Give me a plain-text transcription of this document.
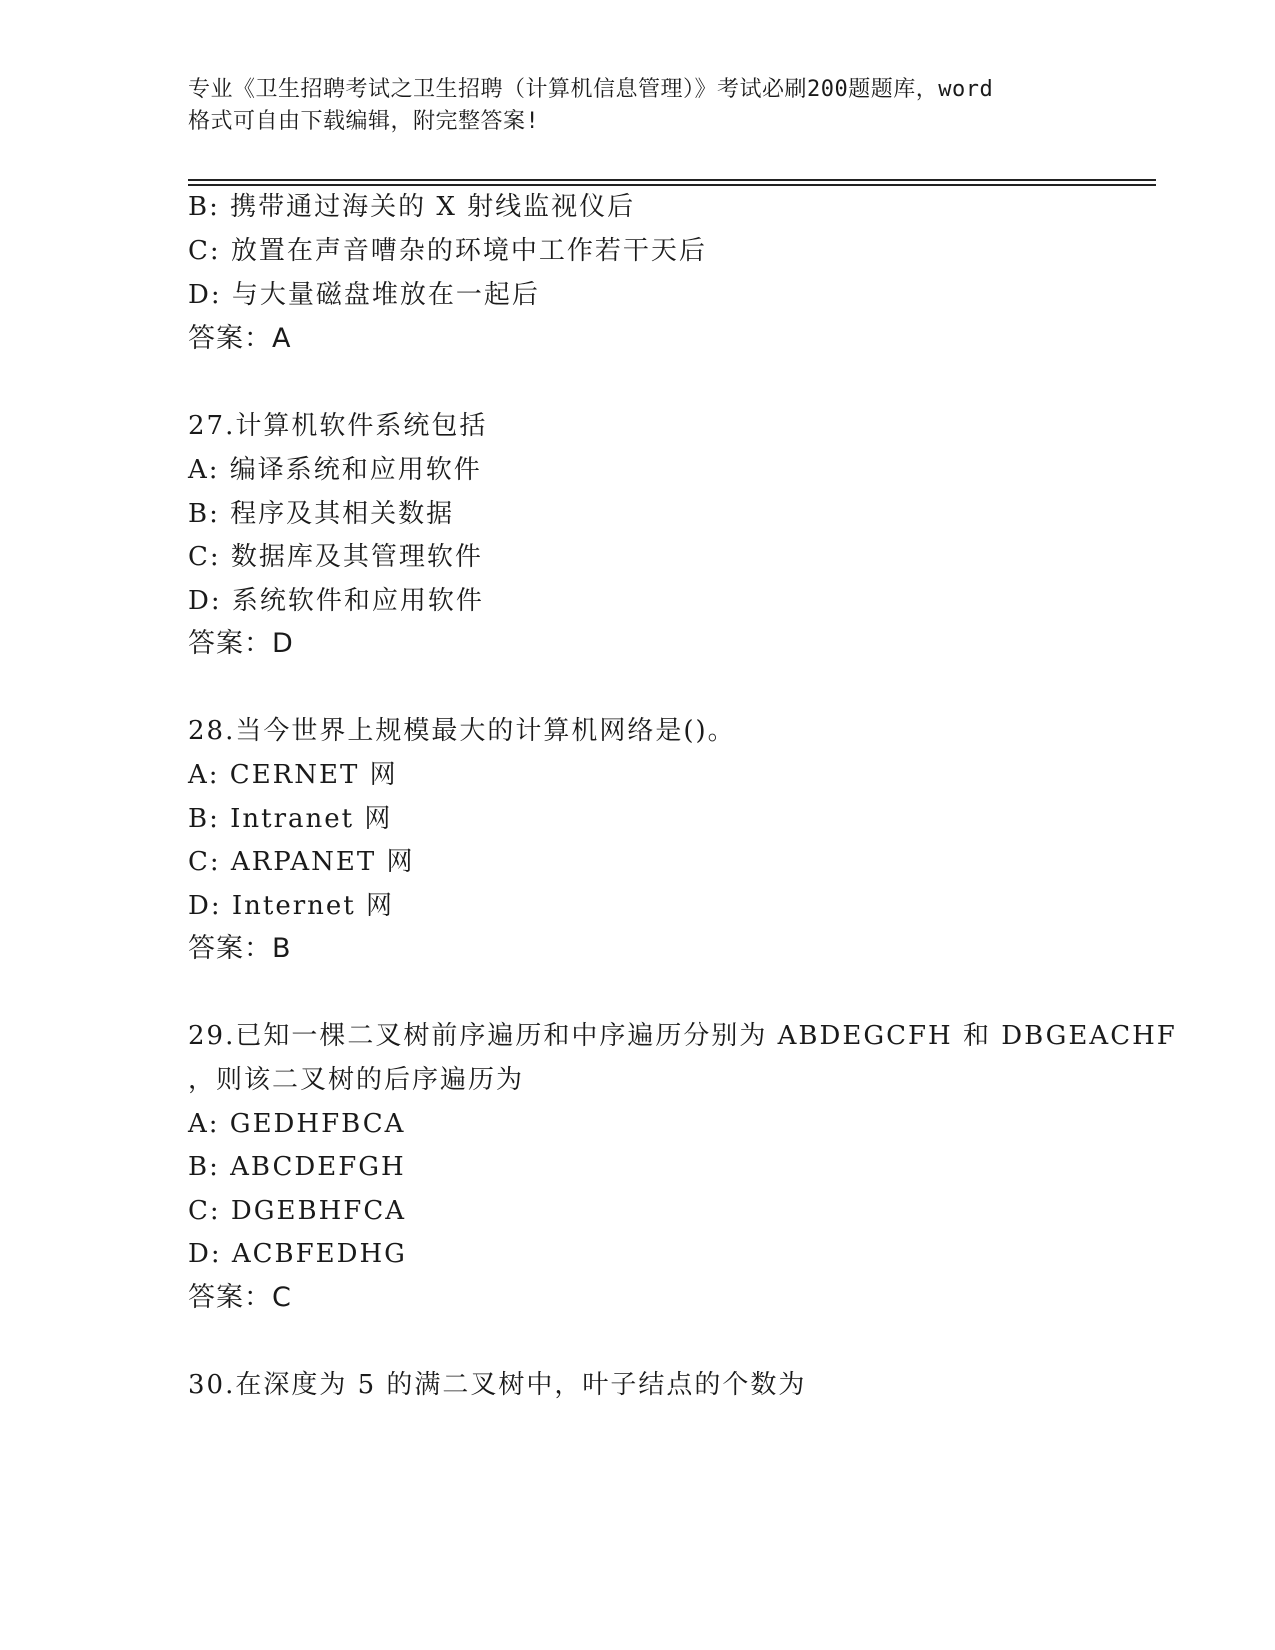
专业《卫生招聘考试之卫生招聘（计算机信息管理）》考试必刷200题题库，word
格式可自由下载编辑，附完整答案!
B: 携带通过海关的 X 射线监视仪后
C: 放置在声音嘈杂的环境中工作若干天后
D: 与大量磁盘堆放在一起后
答案：A
27.计算机软件系统包括
A: 编译系统和应用软件
B: 程序及其相关数据
C: 数据库及其管理软件
D: 系统软件和应用软件
答案：D
28.当今世界上规模最大的计算机网络是()。
A: CERNET 网
B: Intranet 网
C: ARPANET 网
D: Internet 网
答案：B
29.已知一棵二叉树前序遍历和中序遍历分别为 ABDEGCFH 和 DBGEACHF
，则该二叉树的后序遍历为
A: GEDHFBCA
B: ABCDEFGH
C: DGEBHFCA
D: ACBFEDHG
答案：C
30.在深度为 5 的满二叉树中，叶子结点的个数为
